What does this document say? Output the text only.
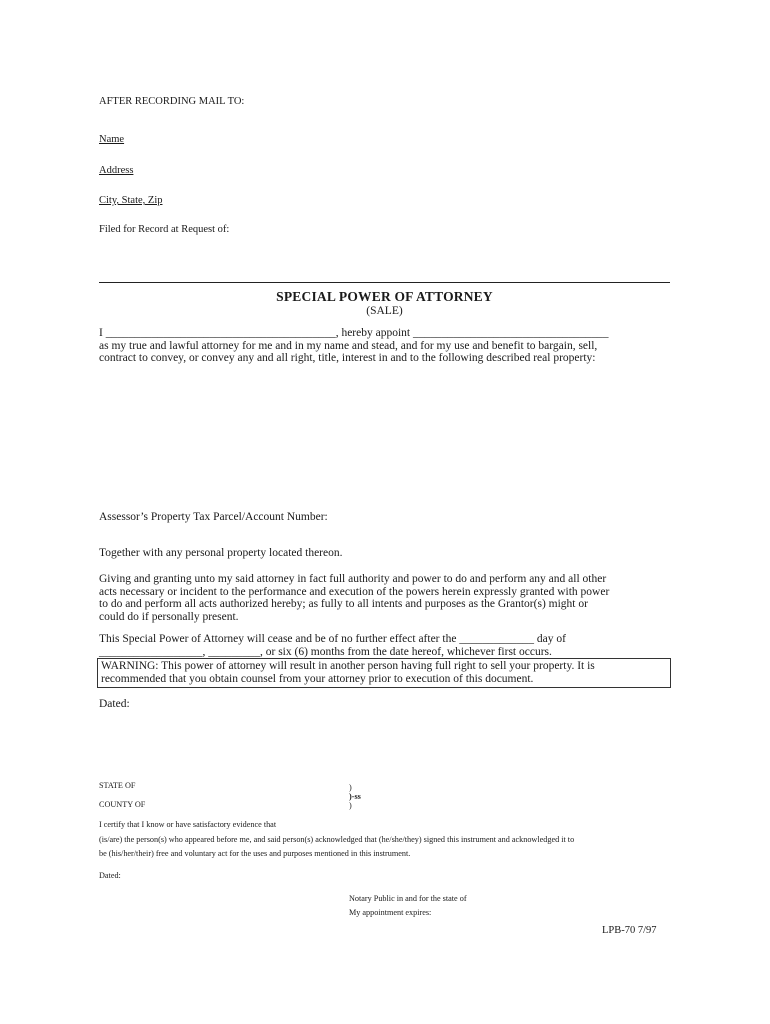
AFTER RECORDING MAIL TO:
Name
Address
City, State, Zip
Filed for Record at Request of:
SPECIAL POWER OF ATTORNEY
(SALE)
I ________________________________________, hereby appoint __________________________________
as my true and lawful attorney for me and in my name and stead, and for my use and benefit to bargain, sell,
contract to convey, or convey any and all right, title, interest in and to the following described real property:
Assessor’s Property Tax Parcel/Account Number:
Together with any personal property located thereon.
Giving and granting unto my said attorney in fact full authority and power to do and perform any and all other
acts necessary or incident to the performance and execution of the powers herein expressly granted with power
to do and perform all acts authorized hereby; as fully to all intents and purposes as the Grantor(s) might or
could do if personally present.
This Special Power of Attorney will cease and be of no further effect after the _____________ day of
__________________, _________, or six (6) months from the date hereof, whichever first occurs.
WARNING: This power of attorney will result in another person having full right to sell your property. It is
recommended that you obtain counsel from your attorney prior to execution of this document.
Dated:
STATE OF
COUNTY OF
)
)-ss
)
I certify that I know or have satisfactory evidence that
(is/are) the person(s) who appeared before me, and said person(s) acknowledged that (he/she/they) signed this instrument and acknowledged it to
be (his/her/their) free and voluntary act for the uses and purposes mentioned in this instrument.
Dated:
Notary Public in and for the state of
My appointment expires:
LPB-70 7/97
